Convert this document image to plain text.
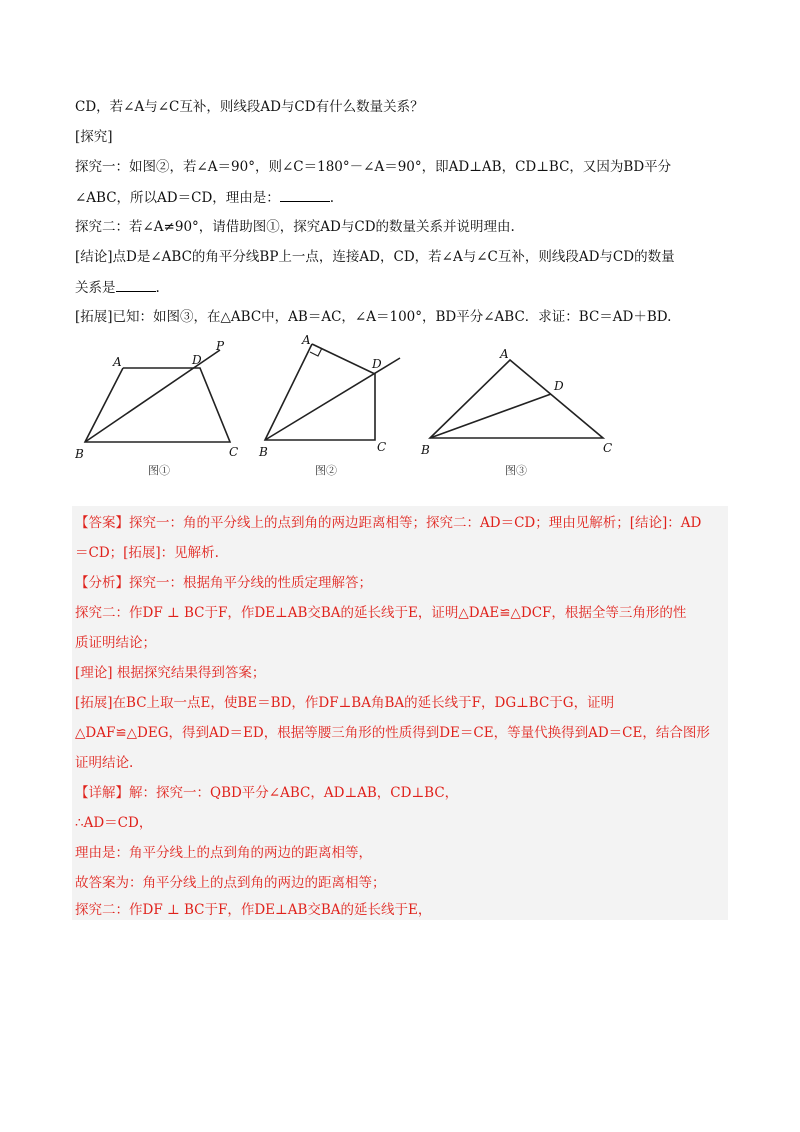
CD，若∠A与∠C互补，则线段AD与CD有什么数量关系？
[探究]
探究一：如图②，若∠A＝90°，则∠C＝180°－∠A＝90°，即AD⊥AB，CD⊥BC，又因为BD平分
∠ABC，所以AD＝CD，理由是：	.
探究二：若∠A≠90°，请借助图①，探究AD与CD的数量关系并说明理由.
[结论]点D是∠ABC的角平分线BP上一点，连接AD，CD，若∠A与∠C互补，则线段AD与CD的数量
关系是	.
[拓展]已知：如图③，在△ABC中，AB＝AC，∠A＝100°，BD平分∠ABC．求证：BC＝AD＋BD.
A	D
P
B	C
图①
A
D
B	C
图②
A
D
B	C
图③
【答案】探究一：角的平分线上的点到角的两边距离相等；探究二：AD＝CD；理由见解析；[结论]：AD
＝CD；[拓展]：见解析.
【分析】探究一：根据角平分线的性质定理解答；
探究二：作DF ⊥ BC于F，作DE⊥AB交BA的延长线于E，证明△DAE≌△DCF，根据全等三角形的性
质证明结论；
[理论] 根据探究结果得到答案；
[拓展]在BC上取一点E，使BE＝BD，作DF⊥BA角BA的延长线于F，DG⊥BC于G，证明
△DAF≌△DEG，得到AD＝ED，根据等腰三角形的性质得到DE＝CE，等量代换得到AD＝CE，结合图形
证明结论.
【详解】解：探究一：QBD平分∠ABC，AD⊥AB，CD⊥BC，
∴AD＝CD，
理由是：角平分线上的点到角的两边的距离相等，
故答案为：角平分线上的点到角的两边的距离相等；
探究二：作DF ⊥ BC于F，作DE⊥AB交BA的延长线于E，
